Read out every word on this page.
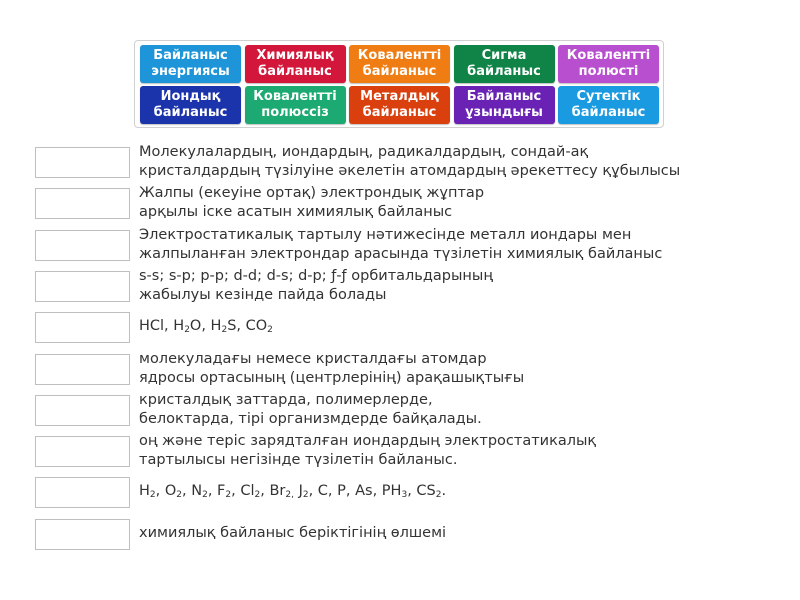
Байланыс
энергиясы
Химиялық
байланыс
Ковалентті
байланыс
Сигма
байланыс
Ковалентті
полюсті
Иондық
байланыс
Ковалентті
полюссіз
Металдық
байланыс
Байланыс
ұзындығы
Сутектік
байланыс
Молекулалардың, иондардың, радикалдардың, сондай-ақ
кристалдардың түзілуіне әкелетін атомдардың әрекеттесу құбылысы
Жалпы (екеуіне ортақ) электрондық жұптар
арқылы іске асатын химиялық байланыс
Электростатикалық тартылу нәтижесінде металл иондары мен
жалпыланған электрондар арасында түзілетін химиялық байланыс
s-s; s-p; p-p; d-d; d-s; d-p; ƒ-ƒ орбитальдарының
жабылуы кезінде пайда болады
HCl, $H_2O$, $H_2S$, $CO_2$
молекуладағы немесе кристалдағы атомдар
ядросы ортасының (центрлерінің) арақашықтығы
кристалдық заттарда, полимерлерде,
белоктарда, тірі организмдерде байқалады.
оң және теріс зарядталған иондардың электростатикалық
тартылысы негізінде түзілетін байланыс.
$H_2$, $O_2$, $N_2$, $F_2$, $Cl_2$, $Br_{2,}$ $J_2$, C, P, As, $PH_3$, $CS_2$.
химиялық байланыс беріктігінің өлшемі
